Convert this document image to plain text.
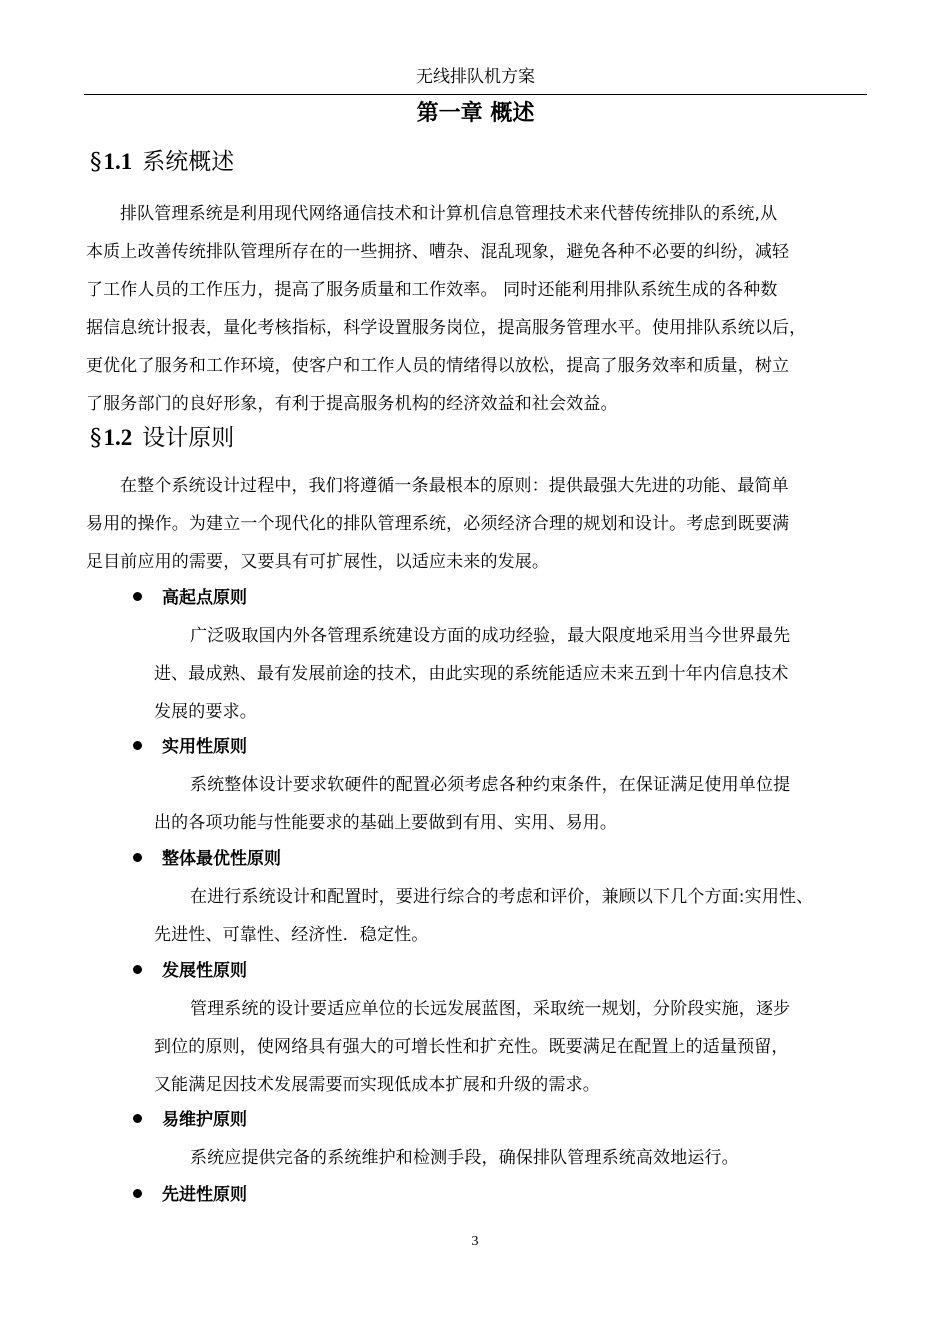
无线排队机方案
第一章 概述
§1.1 系统概述
排队管理系统是利用现代网络通信技术和计算机信息管理技术来代替传统排队的系统,从
本质上改善传统排队管理所存在的一些拥挤、嘈杂、混乱现象，避免各种不必要的纠纷，减轻
了工作人员的工作压力，提高了服务质量和工作效率。 同时还能利用排队系统生成的各种数
据信息统计报表，量化考核指标，科学设置服务岗位，提高服务管理水平。使用排队系统以后，
更优化了服务和工作环境，使客户和工作人员的情绪得以放松，提高了服务效率和质量，树立
了服务部门的良好形象，有利于提高服务机构的经济效益和社会效益。
§1.2 设计原则
在整个系统设计过程中，我们将遵循一条最根本的原则：提供最强大先进的功能、最简单
易用的操作。为建立一个现代化的排队管理系统，必须经济合理的规划和设计。考虑到既要满
足目前应用的需要，又要具有可扩展性，以适应未来的发展。
高起点原则
广泛吸取国内外各管理系统建设方面的成功经验，最大限度地采用当今世界最先
进、最成熟、最有发展前途的技术，由此实现的系统能适应未来五到十年内信息技术
发展的要求。
实用性原则
系统整体设计要求软硬件的配置必须考虑各种约束条件，在保证满足使用单位提
出的各项功能与性能要求的基础上要做到有用、实用、易用。
整体最优性原则
在进行系统设计和配置时，要进行综合的考虑和评价，兼顾以下几个方面:实用性、
先进性、可靠性、经济性．稳定性。
发展性原则
管理系统的设计要适应单位的长远发展蓝图，采取统一规划，分阶段实施，逐步
到位的原则，使网络具有强大的可增长性和扩充性。既要满足在配置上的适量预留，
又能满足因技术发展需要而实现低成本扩展和升级的需求。
易维护原则
系统应提供完备的系统维护和检测手段，确保排队管理系统高效地运行。
先进性原则
3
